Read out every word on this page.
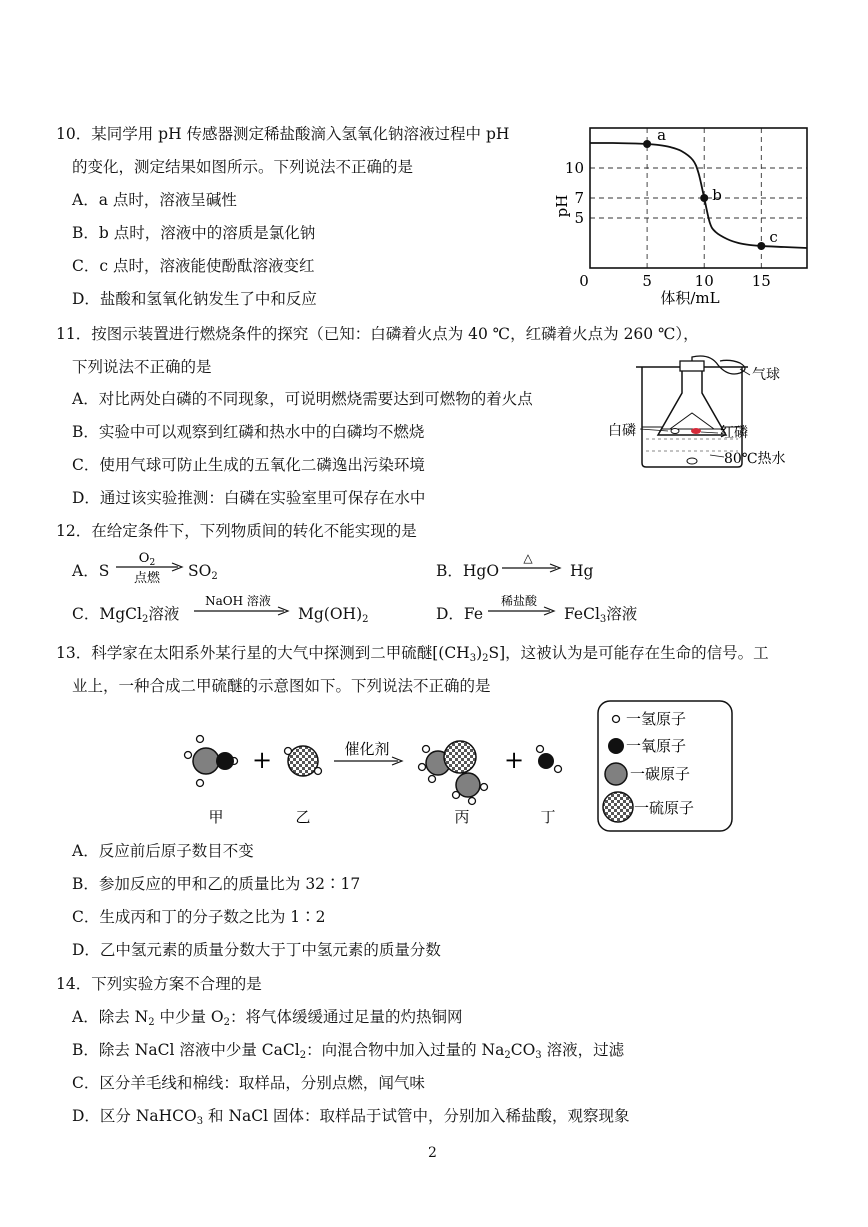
10．某同学用 pH 传感器测定稀盐酸滴入氢氧化钠溶液过程中 pH
的变化，测定结果如图所示。下列说法不正确的是
A．a 点时，溶液呈碱性
B．b 点时，溶液中的溶质是氯化钠
C．c 点时，溶液能使酚酞溶液变红
D．盐酸和氢氧化钠发生了中和反应
a
b
c
0	5	10	15
5
7
10
pH
体积/mL
11．按图示装置进行燃烧条件的探究（已知：白磷着火点为 40 ℃，红磷着火点为 260 ℃），
下列说法不正确的是
A．对比两处白磷的不同现象，可说明燃烧需要达到可燃物的着火点
B．实验中可以观察到红磷和热水中的白磷均不燃烧
C．使用气球可防止生成的五氧化二磷逸出污染环境
D．通过该实验推测：白磷在实验室里可保存在水中
气球
白磷	红磷
80℃热水
12．在给定条件下，下列物质间的转化不能实现的是
A．S
$O_2$
点燃 $SO_2$	B．HgO
△
Hg
C．MgCl$_2$溶液
NaOH 溶液
$Mg(OH)_2$	D．Fe
稀盐酸
FeCl$_3$溶液
13．科学家在太阳系外某行星的大气中探测到二甲硫醚$[(CH_3)_2S]$，这被认为是可能存在生命的信号。工
业上，一种合成二甲硫醚的示意图如下。下列说法不正确的是
+	催化剂	+
甲	乙	丙	丁
一氢原子
一氧原子
一碳原子
一硫原子
A．反应前后原子数目不变
B．参加反应的甲和乙的质量比为 32∶17
C．生成丙和丁的分子数之比为 1∶2
D．乙中氢元素的质量分数大于丁中氢元素的质量分数
14．下列实验方案不合理的是
A．除去 $N_2$ 中少量 $O_2$：将气体缓缓通过足量的灼热铜网
B．除去 NaCl 溶液中少量 CaCl$_2$：向混合物中加入过量的 $Na_2CO_3$ 溶液，过滤
C．区分羊毛线和棉线：取样品，分别点燃，闻气味
D．区分 NaHCO$_3$ 和 NaCl 固体：取样品于试管中，分别加入稀盐酸，观察现象
2
